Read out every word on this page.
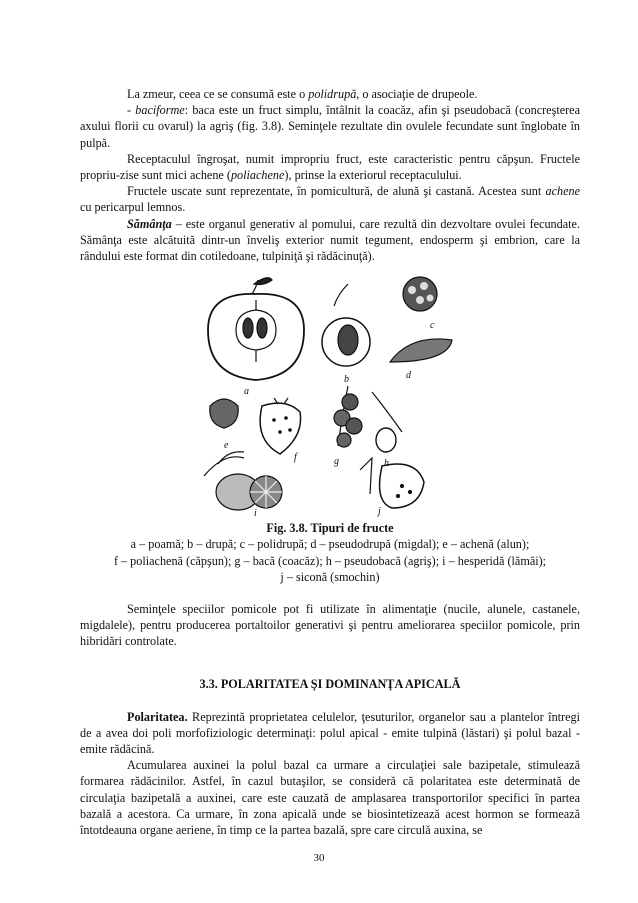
La zmeur, ceea ce se consumă este o polidrupă, o asociaţie de drupeole.

- baciforme: baca este un fruct simplu, întâlnit la coacăz, afin şi pseudobacă (concreşterea axului florii cu ovarul) la agriş (fig. 3.8). Seminţele rezultate din ovulele fecundate sunt înglobate în pulpă.

Receptaculul îngroşat, numit impropriu fruct, este caracteristic pentru căpşun. Fructele propriu-zise sunt mici achene (poliachene), prinse la exteriorul receptaculului.

Fructele uscate sunt reprezentate, în pomicultură, de alună şi castană. Acestea sunt achene cu pericarpul lemnos.

Sămânţa – este organul generativ al pomului, care rezultă din dezvoltare ovulei fecundate. Sămânţa este alcătuită dintr-un înveliş exterior numit tegument, endosperm şi embrion, care la rândului este format din cotiledoane, tulpiniţă şi rădăcinuţă).

a
b
c
d
e
f	g	h
i	j
Fig. 3.8. Tipuri de fructe
a – poamă; b – drupă; c – polidrupă; d – pseudodrupă (migdal); e – achenă (alun);
f – poliachenă (căpşun); g – bacă (coacăz); h – pseudobacă (agriş); i – hesperidă (lămâi);
j – siconă (smochin)

Seminţele speciilor pomicole pot fi utilizate în alimentaţie (nucile, alunele, castanele, migdalele), pentru producerea portaltoilor generativi şi pentru ameliorarea speciilor pomicole, prin hibridări controlate.

3.3. POLARITATEA ŞI DOMINANŢA APICALĂ

Polaritatea. Reprezintă proprietatea celulelor, ţesuturilor, organelor sau a plantelor întregi de a avea doi poli morfofiziologic determinaţi: polul apical - emite tulpină (lăstari) şi polul bazal - emite rădăcină.

Acumularea auxinei la polul bazal ca urmare a circulaţiei sale bazipetale, stimulează formarea rădăcinilor. Astfel, în cazul butaşilor, se consideră că polaritatea este determinată de circulaţia bazipetală a auxinei, care este cauzată de amplasarea transportorilor specifici în partea bazală a acestora. Ca urmare, în zona apicală unde se biosintetizează acest hormon se formează întotdeauna organe aeriene, în timp ce la partea bazală, spre care circulă auxina, se

30
